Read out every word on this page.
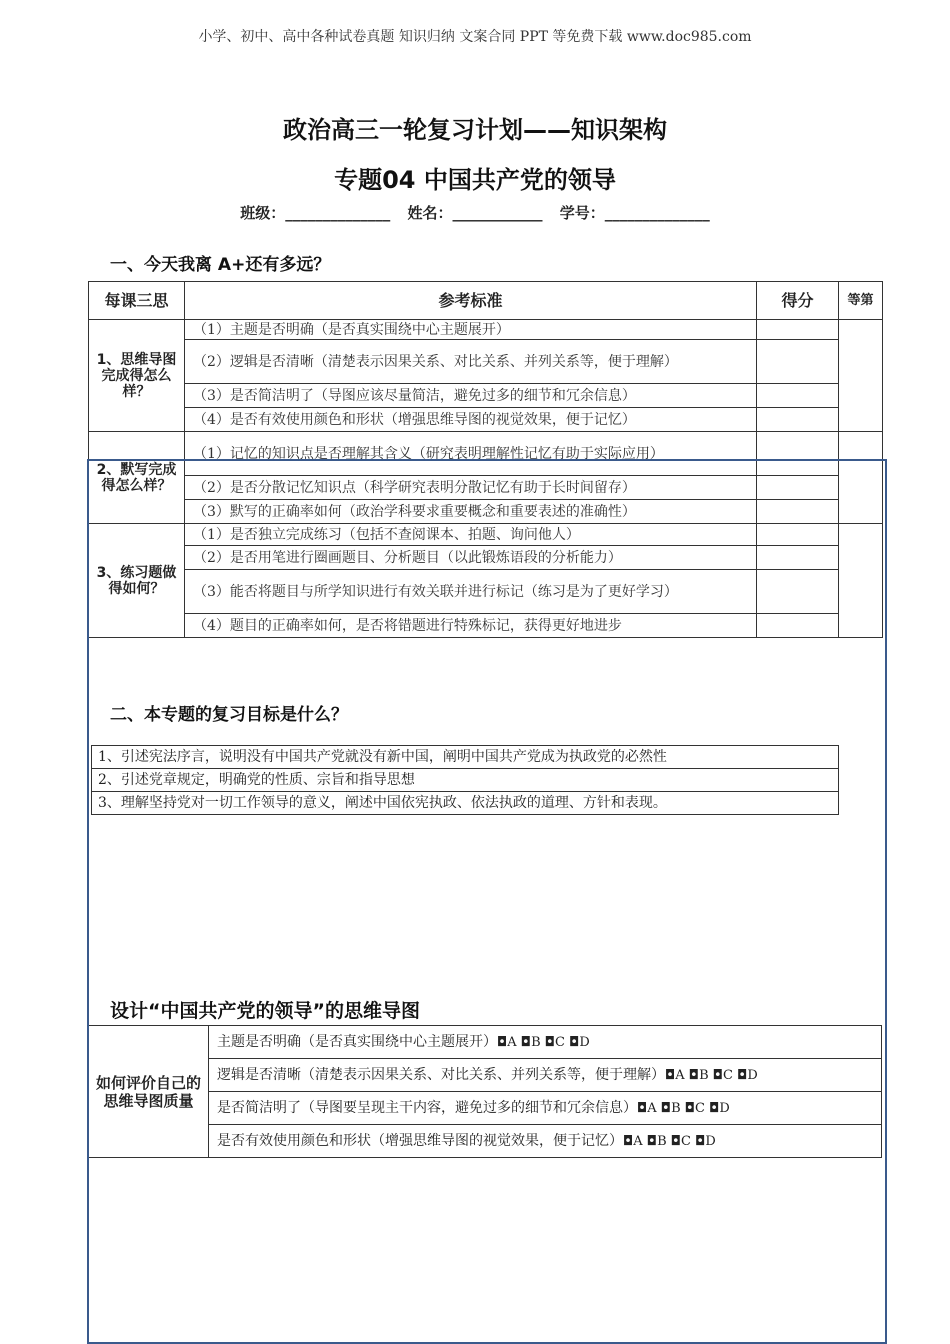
小学、初中、高中各种试卷真题 知识归纳 文案合同 PPT 等免费下载 www.doc985.com
政治高三一轮复习计划——知识架构
专题04 中国共产党的领导
班级：______________ 姓名：____________ 学号：______________
一、今天我离 A+还有多远？
每课三思	参考标准	得分	等第
1、思维导图完成得怎么样？	（1）主题是否明确（是否真实围绕中心主题展开）		
	（2）逻辑是否清晰（清楚表示因果关系、对比关系、并列关系等，便于理解）		
	（3）是否简洁明了（导图应该尽量简洁，避免过多的细节和冗余信息）		
	（4）是否有效使用颜色和形状（增强思维导图的视觉效果，便于记忆）		
2、默写完成得怎么样？	（1）记忆的知识点是否理解其含义（研究表明理解性记忆有助于实际应用）		
	（2）是否分散记忆知识点（科学研究表明分散记忆有助于长时间留存）		
	（3）默写的正确率如何（政治学科要求重要概念和重要表述的准确性）		
3、练习题做得如何？	（1）是否独立完成练习（包括不查阅课本、拍题、询问他人）		
	（2）是否用笔进行圈画题目、分析题目（以此锻炼语段的分析能力）		
	（3）能否将题目与所学知识进行有效关联并进行标记（练习是为了更好学习）		
	（4）题目的正确率如何，是否将错题进行特殊标记，获得更好地进步		
二、本专题的复习目标是什么？
1、引述宪法序言，说明没有中国共产党就没有新中国，阐明中国共产党成为执政党的必然性
2、引述党章规定，明确党的性质、宗旨和指导思想
3、理解坚持党对一切工作领导的意义，阐述中国依宪执政、依法执政的道理、方针和表现。
设计“中国共产党的领导”的思维导图
如何评价自己的思维导图质量	主题是否明确（是否真实围绕中心主题展开）◘A ◘B ◘C ◘D
逻辑是否清晰（清楚表示因果关系、对比关系、并列关系等，便于理解）◘A ◘B ◘C ◘D
是否简洁明了（导图要呈现主干内容，避免过多的细节和冗余信息）◘A ◘B ◘C ◘D
是否有效使用颜色和形状（增强思维导图的视觉效果，便于记忆）◘A ◘B ◘C ◘D
